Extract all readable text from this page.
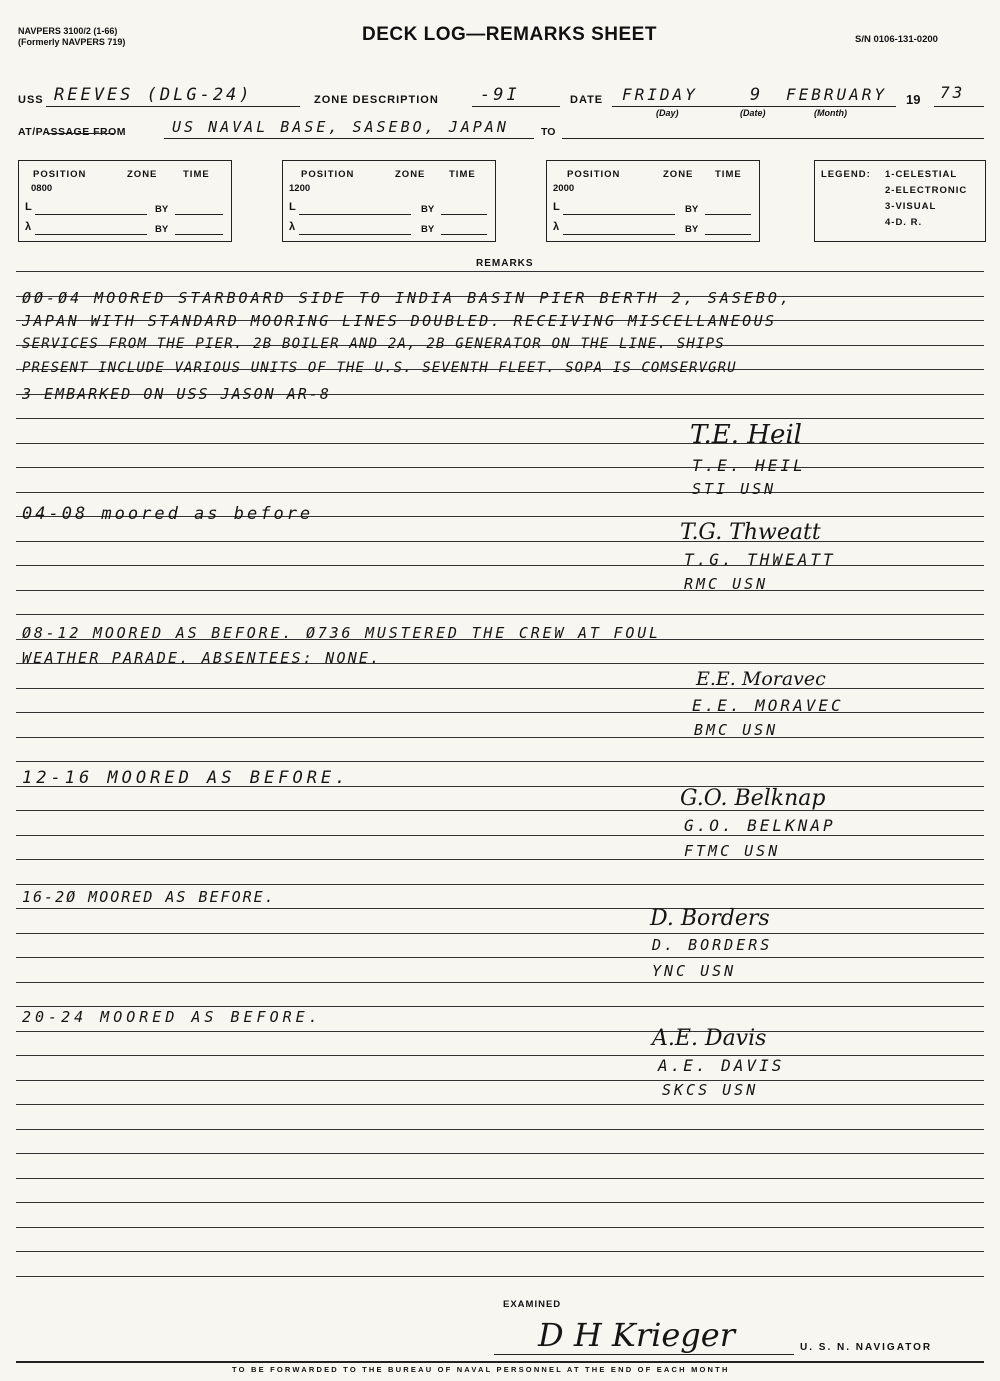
NAVPERS 3100/2 (1-66)
(Formerly NAVPERS 719)	DECK LOG—REMARKS SHEET	S/N 0106-131-0200
USS REEVES (DLG-24)	ZONE DESCRIPTION -9I	DATE FRIDAY	9 FEBRUARY 19 73
(Day)	(Date)	(Month)
AT/PASSAGE FROM	US NAVAL BASE, SASEBO, JAPAN	TO
POSITION	ZONE	TIME
0800
L	BY
λ	BY
POSITION	ZONE TIME
1200
L	BY
λ	BY
POSITION	ZONE TIME
2000
L	BY
λ	BY
LEGEND: 1-CELESTIAL
2-ELECTRONIC
3-VISUAL
4-D. R.
REMARKS
ØØ-Ø4 MOORED STARBOARD SIDE TO INDIA BASIN PIER BERTH 2, SASEBO,
JAPAN WITH STANDARD MOORING LINES DOUBLED. RECEIVING MISCELLANEOUS
SERVICES FROM THE PIER. 2B BOILER AND 2A, 2B GENERATOR ON THE LINE. SHIPS
PRESENT INCLUDE VARIOUS UNITS OF THE U.S. SEVENTH FLEET. SOPA IS COMSERVGRU
3 EMBARKED ON USS JASON AR-8
T.E. Heil
T.E. HEIL
STI USN
04-08 moored as before
T.G. Thweatt
T.G. THWEATT
RMC USN
Ø8-12 MOORED AS BEFORE. Ø736 MUSTERED THE CREW AT FOUL
WEATHER PARADE. ABSENTEES: NONE.
E.E. Moravec
E.E. MORAVEC
BMC USN
12-16 MOORED AS BEFORE.
G.O. Belknap
G.O. BELKNAP
FTMC USN
16-2Ø MOORED AS BEFORE.
D. Borders
D. BORDERS
YNC USN
20-24 MOORED AS BEFORE.
A.E. Davis
A.E. DAVIS
SKCS USN
EXAMINED
D H Krieger	U. S. N. NAVIGATOR
TO BE FORWARDED TO THE BUREAU OF NAVAL PERSONNEL AT THE END OF EACH MONTH
